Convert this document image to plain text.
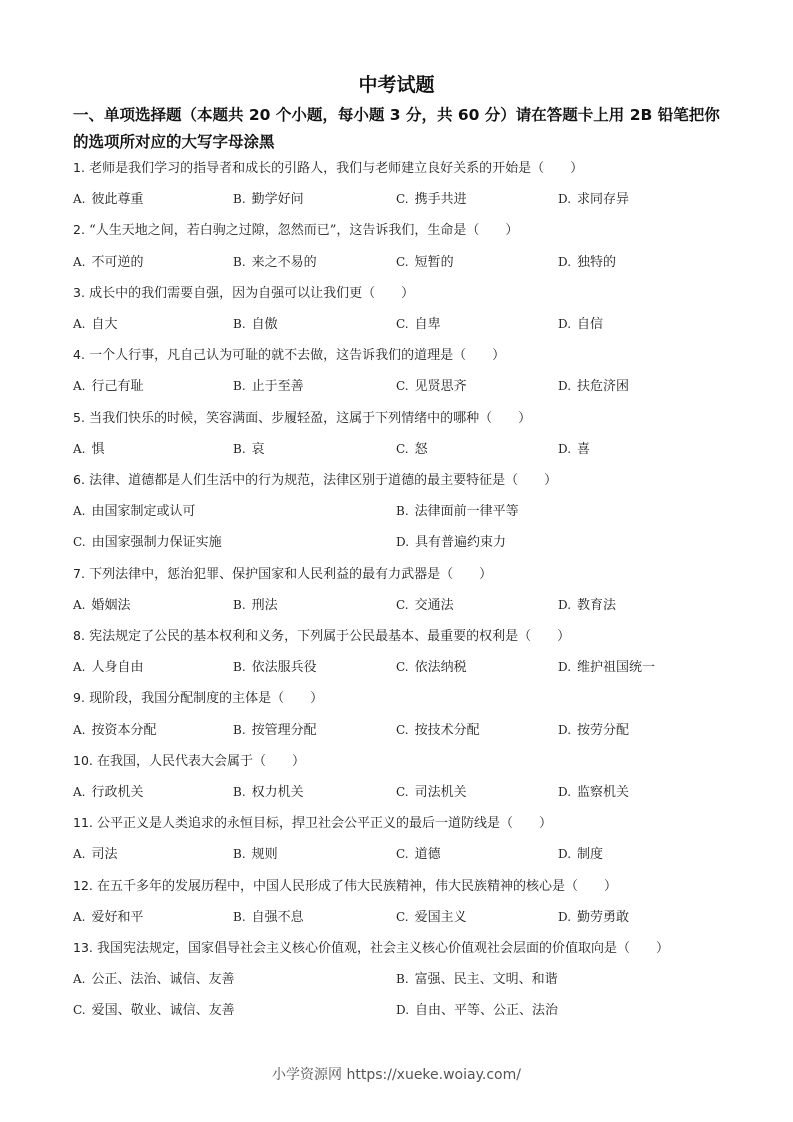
中考试题
一、单项选择题（本题共 20 个小题，每小题 3 分，共 60 分）请在答题卡上用 2B 铅笔把你的选项所对应的大写字母涂黑
1. 老师是我们学习的指导者和成长的引路人，我们与老师建立良好关系的开始是（　　）
A. 彼此尊重	B. 勤学好问	C. 携手共进	D. 求同存异
2. “人生天地之间，若白驹之过隙，忽然而已”，这告诉我们，生命是（　　）
A. 不可逆的	B. 来之不易的	C. 短暂的	D. 独特的
3. 成长中的我们需要自强，因为自强可以让我们更（　　）
A. 自大	B. 自傲	C. 自卑	D. 自信
4. 一个人行事，凡自己认为可耻的就不去做，这告诉我们的道理是（　　）
A. 行己有耻	B. 止于至善	C. 见贤思齐	D. 扶危济困
5. 当我们快乐的时候，笑容满面、步履轻盈，这属于下列情绪中的哪种（　　）
A. 惧	B. 哀	C. 怒	D. 喜
6. 法律、道德都是人们生活中的行为规范，法律区别于道德的最主要特征是（　　）
A. 由国家制定或认可	B. 法律面前一律平等
C. 由国家强制力保证实施	D. 具有普遍约束力
7. 下列法律中，惩治犯罪、保护国家和人民利益的最有力武器是（　　）
A. 婚姻法	B. 刑法	C. 交通法	D. 教育法
8. 宪法规定了公民的基本权利和义务，下列属于公民最基本、最重要的权利是（　　）
A. 人身自由	B. 依法服兵役	C. 依法纳税	D. 维护祖国统一
9. 现阶段，我国分配制度的主体是（　　）
A. 按资本分配	B. 按管理分配	C. 按技术分配	D. 按劳分配
10. 在我国，人民代表大会属于（　　）
A. 行政机关	B. 权力机关	C. 司法机关	D. 监察机关
11. 公平正义是人类追求的永恒目标，捍卫社会公平正义的最后一道防线是（　　）
A. 司法	B. 规则	C. 道德	D. 制度
12. 在五千多年的发展历程中，中国人民形成了伟大民族精神，伟大民族精神的核心是（　　）
A. 爱好和平	B. 自强不息	C. 爱国主义	D. 勤劳勇敢
13. 我国宪法规定，国家倡导社会主义核心价值观，社会主义核心价值观社会层面的价值取向是（　　）
A. 公正、法治、诚信、友善	B. 富强、民主、文明、和谐
C. 爱国、敬业、诚信、友善	D. 自由、平等、公正、法治
小学资源网 https://xueke.woiay.com/
